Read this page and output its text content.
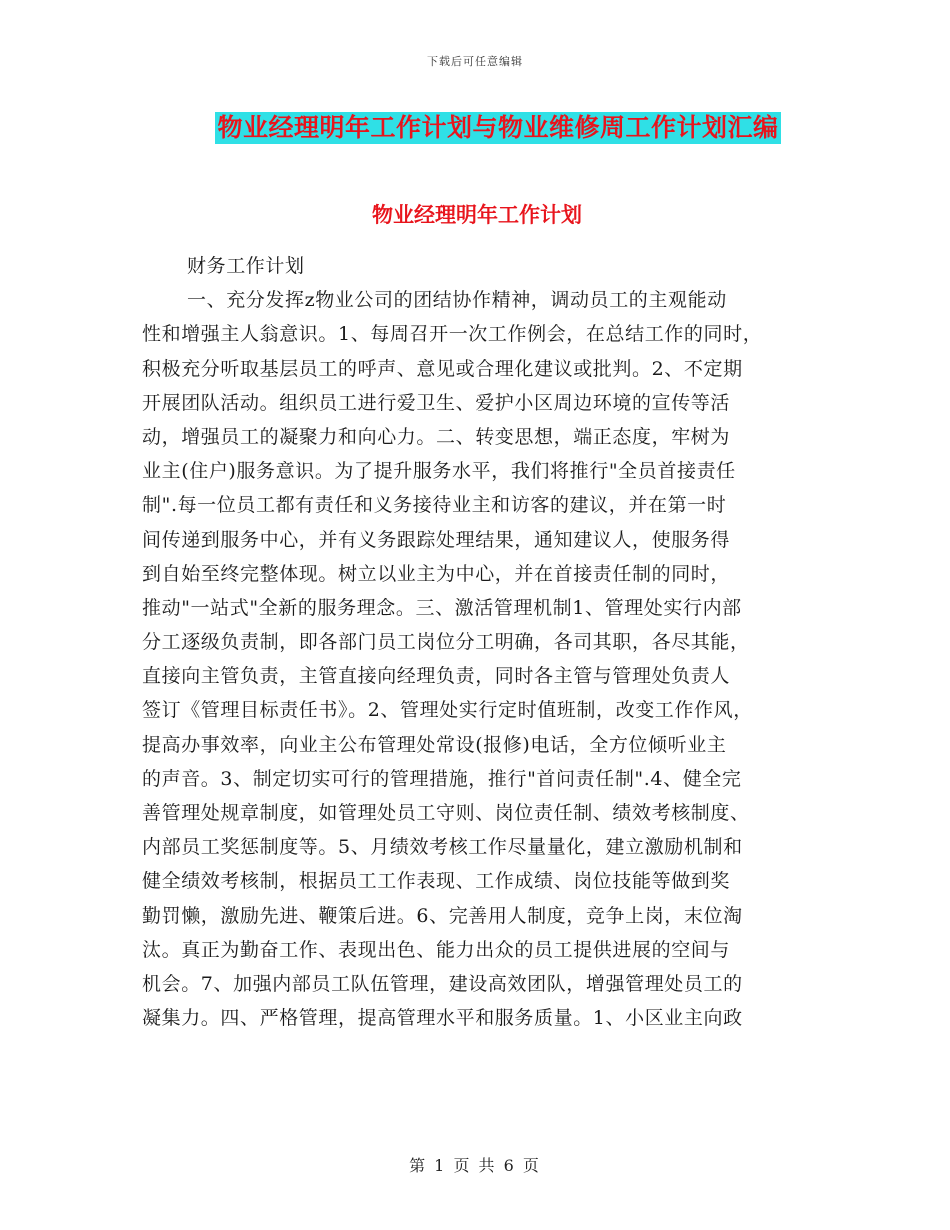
下载后可任意编辑
物业经理明年工作计划与物业维修周工作计划汇编
物业经理明年工作计划
财务工作计划
一、充分发挥z物业公司的团结协作精神，调动员工的主观能动
性和增强主人翁意识。1、每周召开一次工作例会，在总结工作的同时，
积极充分听取基层员工的呼声、意见或合理化建议或批判。2、不定期
开展团队活动。组织员工进行爱卫生、爱护小区周边环境的宣传等活
动，增强员工的凝聚力和向心力。二、转变思想，端正态度，牢树为
业主(住户)服务意识。为了提升服务水平，我们将推行"全员首接责任
制".每一位员工都有责任和义务接待业主和访客的建议，并在第一时
间传递到服务中心，并有义务跟踪处理结果，通知建议人，使服务得
到自始至终完整体现。树立以业主为中心，并在首接责任制的同时，
推动"一站式"全新的服务理念。三、激活管理机制1、管理处实行内部
分工逐级负责制，即各部门员工岗位分工明确，各司其职，各尽其能，
直接向主管负责，主管直接向经理负责，同时各主管与管理处负责人
签订《管理目标责任书》。2、管理处实行定时值班制，改变工作作风，
提高办事效率，向业主公布管理处常设(报修)电话，全方位倾听业主
的声音。3、制定切实可行的管理措施，推行"首问责任制".4、健全完
善管理处规章制度，如管理处员工守则、岗位责任制、绩效考核制度、
内部员工奖惩制度等。5、月绩效考核工作尽量量化，建立激励机制和
健全绩效考核制，根据员工工作表现、工作成绩、岗位技能等做到奖
勤罚懒，激励先进、鞭策后进。6、完善用人制度，竞争上岗，末位淘
汰。真正为勤奋工作、表现出色、能力出众的员工提供进展的空间与
机会。7、加强内部员工队伍管理，建设高效团队，增强管理处员工的
凝集力。四、严格管理，提高管理水平和服务质量。1、小区业主向政
第 1 页 共 6 页
